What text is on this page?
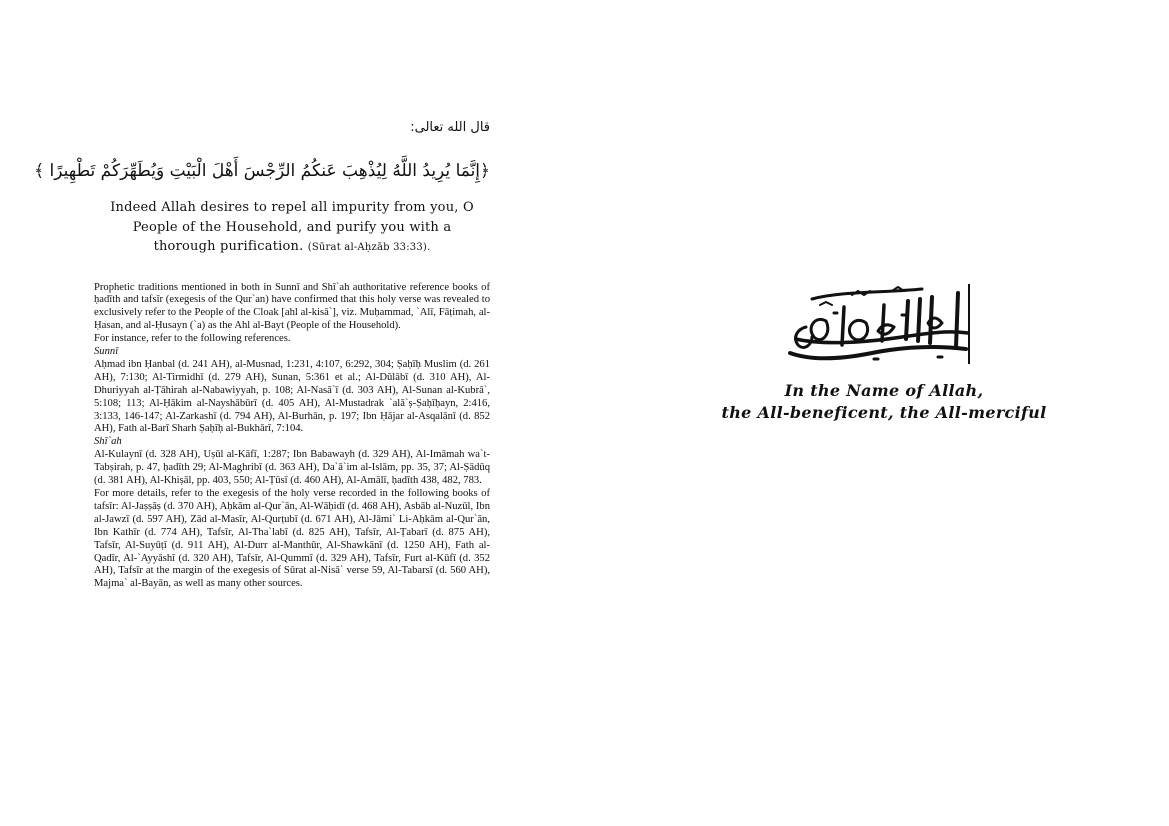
قال الله تعالى:

﴿إِنَّمَا يُرِيدُ اللَّهُ لِيُذْهِبَ عَنكُمُ الرِّجْسَ أَهْلَ الْبَيْتِ وَيُطَهِّرَكُمْ تَطْهِيرًا ﴾
Indeed Allah desires to repel all impurity from you, O People of the Household, and purify you with a thorough purification. (Sūrat al-Aḥzāb 33:33).

Prophetic traditions mentioned in both in Sunnī and Shī`ah authoritative reference books of ḥadīth and tafsīr (exegesis of the Qur`an) have confirmed that this holy verse was revealed to exclusively refer to the People of the Cloak [ahl al-kisā`], viz. Muḥammad, `Alī, Fāṭimah, al-Ḥasan, and al-Ḥusayn (`a) as the Ahl al-Bayt (People of the Household).

For instance, refer to the following references.

Sunnī

Aḥmad ibn Ḥanbal (d. 241 AH), al-Musnad, 1:231, 4:107, 6:292, 304; Ṣaḥīḥ Muslim (d. 261 AH), 7:130; Al-Tirmidhī (d. 279 AH), Sunan, 5:361 et al.; Al-Dūlābī (d. 310 AH), Al-Dhuriyyah al-Ṭāhirah al-Nabawiyyah, p. 108; Al-Nasā`ī (d. 303 AH), Al-Sunan al-Kubrā`, 5:108; 113; Al-Ḥākim al-Nayshābūrī (d. 405 AH), Al-Mustadrak `alā`ṣ-Ṣaḥīḥayn, 2:416, 3:133, 146-147; Al-Zarkashī (d. 794 AH), Al-Burhān, p. 197; Ibn Ḥājar al-Asqalānī (d. 852 AH), Fath al-Barī Sharh Ṣaḥīḥ al-Bukhārī, 7:104.

Shī`ah

Al-Kulaynī (d. 328 AH), Uṣūl al-Kāfī, 1:287; Ibn Babawayh (d. 329 AH), Al-Imāmah wa`t-Tabṣirah, p. 47, ḥadīth 29; Al-Maghribī (d. 363 AH), Da`ā`im al-Islām, pp. 35, 37; Al-Ṣādūq (d. 381 AH), Al-Khiṣāl, pp. 403, 550; Al-Ṭūsī (d. 460 AH), Al-Amālī, ḥadīth 438, 482, 783.

For more details, refer to the exegesis of the holy verse recorded in the following books of tafsīr: Al-Jaṣṣāṣ (d. 370 AH), Aḥkām al-Qur`ān, Al-Wāḥidī (d. 468 AH), Asbāb al-Nuzūl, Ibn al-Jawzī (d. 597 AH), Zād al-Masīr, Al-Qurṭubī (d. 671 AH), Al-Jāmi` Li-Aḥkām al-Qur`ān, Ibn Kathīr (d. 774 AH), Tafsīr, Al-Tha`labī (d. 825 AH), Tafsīr, Al-Ṭabarī (d. 875 AH), Tafsīr, Al-Suyūṭī (d. 911 AH), Al-Durr al-Manthūr, Al-Shawkānī (d. 1250 AH), Fath al-Qadīr, Al-`Ayyāshī (d. 320 AH), Tafsīr, Al-Qummī (d. 329 AH), Tafsīr, Furt al-Kūfī (d. 352 AH), Tafsīr at the margin of the exegesis of Sūrat al-Nisā` verse 59, Al-Tabarsī (d. 560 AH), Majma` al-Bayān, as well as many other sources.

In the Name of Allah,
the All-beneficent, the All-merciful
